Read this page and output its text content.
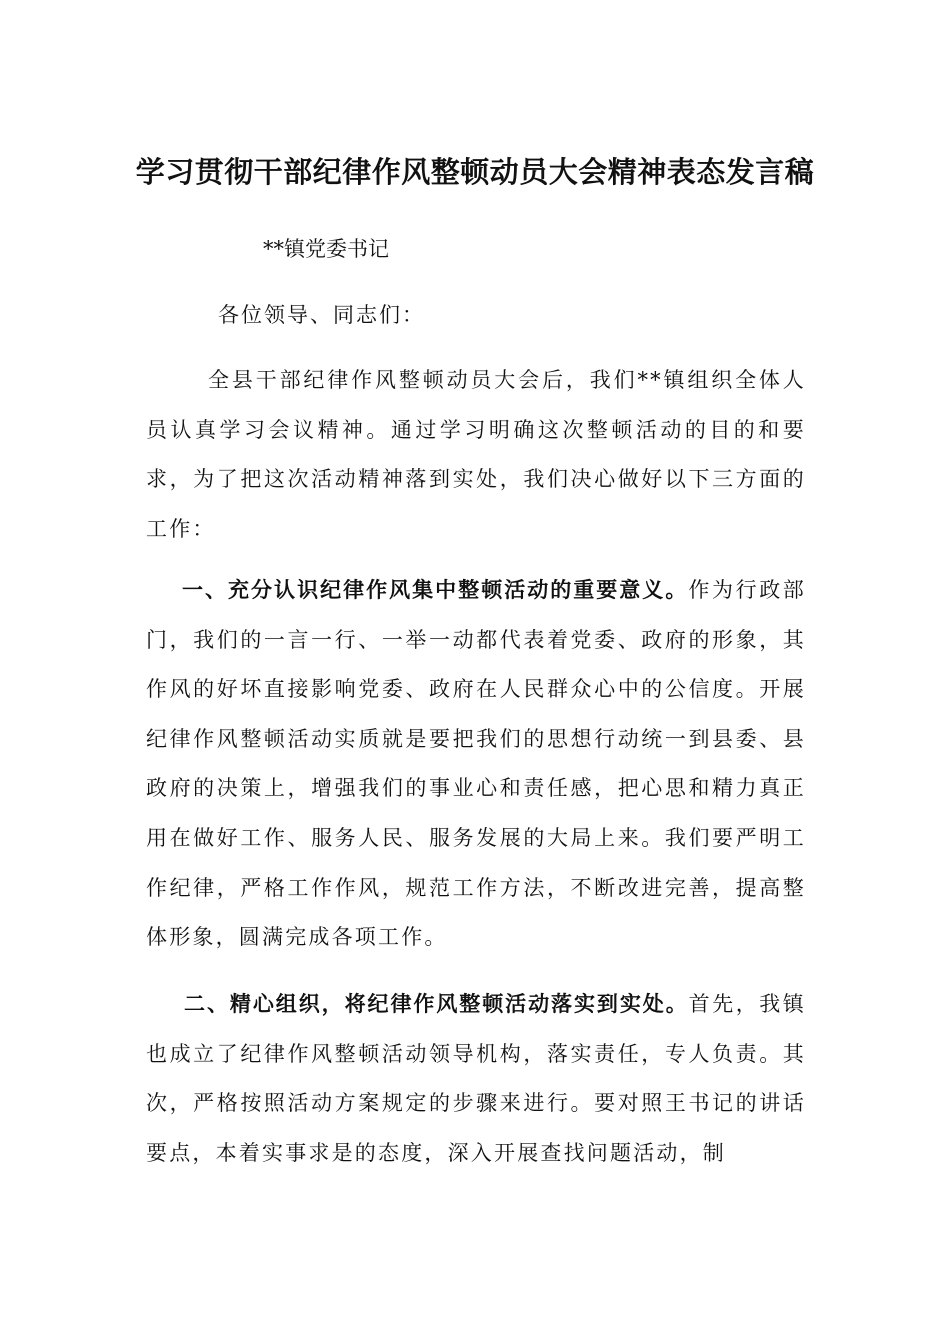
学习贯彻干部纪律作风整顿动员大会精神表态发言稿
**镇党委书记
各位领导、同志们：

全县干部纪律作风整顿动员大会后，我们**镇组织全体人员认真学习会议精神。通过学习明确这次整顿活动的目的和要求，为了把这次活动精神落到实处，我们决心做好以下三方面的工作：

一、充分认识纪律作风集中整顿活动的重要意义。作为行政部门，我们的一言一行、一举一动都代表着党委、政府的形象，其作风的好坏直接影响党委、政府在人民群众心中的公信度。开展纪律作风整顿活动实质就是要把我们的思想行动统一到县委、县政府的决策上，增强我们的事业心和责任感，把心思和精力真正用在做好工作、服务人民、服务发展的大局上来。我们要严明工作纪律，严格工作作风，规范工作方法，不断改进完善，提高整体形象，圆满完成各项工作。

二、精心组织，将纪律作风整顿活动落实到实处。首先，我镇也成立了纪律作风整顿活动领导机构，落实责任，专人负责。其次，严格按照活动方案规定的步骤来进行。要对照王书记的讲话要点，本着实事求是的态度，深入开展查找问题活动，制
